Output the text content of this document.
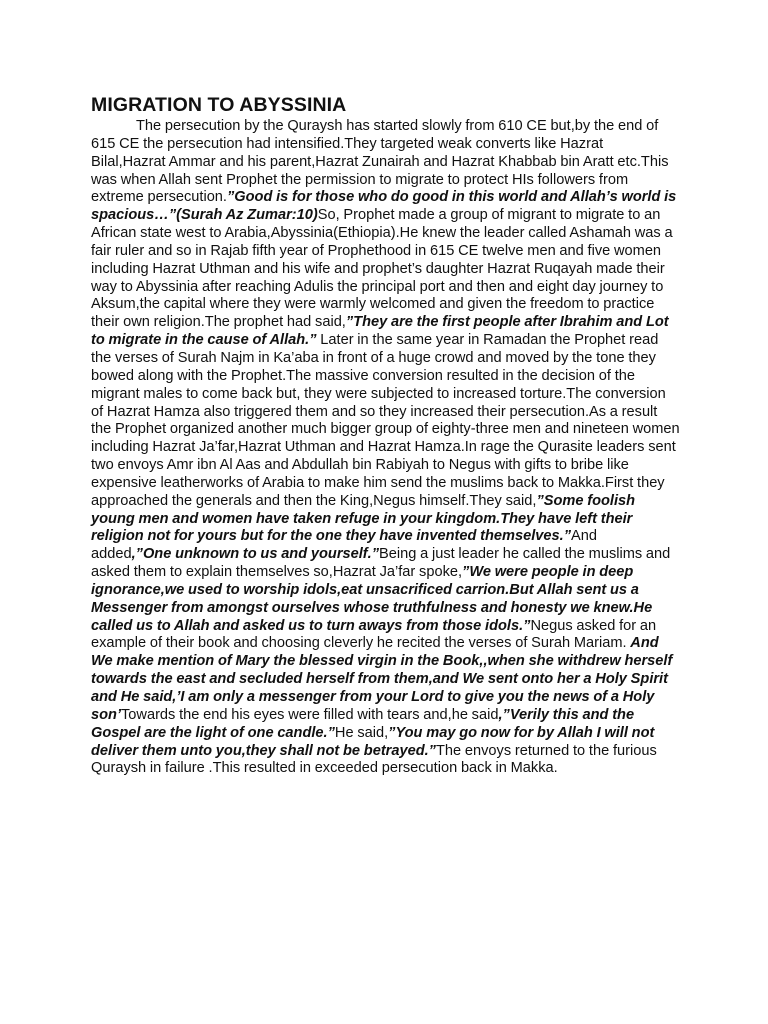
MIGRATION TO ABYSSINIA

The persecution by the Quraysh has started slowly from 610 CE but,by the end of 615 CE the persecution had intensified.They targeted weak converts like Hazrat Bilal,Hazrat Ammar and his parent,Hazrat Zunairah and Hazrat Khabbab bin Aratt etc.This was when Allah sent Prophet the permission to migrate to protect HIs followers from extreme persecution.”Good is for those who do good in this world and Allah’s world is spacious…”(Surah Az Zumar:10)So, Prophet made a group of migrant to migrate to an African state west to Arabia,Abyssinia(Ethiopia).He knew the leader called Ashamah was a fair ruler and so in Rajab fifth year of Prophethood in 615 CE twelve men and five women including Hazrat Uthman and his wife and prophet’s daughter Hazrat Ruqayah made their way to Abyssinia after reaching Adulis the principal port and then and eight day journey to Aksum,the capital where they were warmly welcomed and given the freedom to practice their own religion.The prophet had said,”They are the first people after Ibrahim and Lot to migrate in the cause of Allah.” Later in the same year in Ramadan the Prophet read the verses of Surah Najm in Ka’aba in front of a huge crowd and moved by the tone they bowed along with the Prophet.The massive conversion resulted in the decision of the migrant males to come back but, they were subjected to increased torture.The conversion of Hazrat Hamza also triggered them and so they increased their persecution.As a result the Prophet organized another much bigger group of eighty-three men and nineteen women including Hazrat Ja’far,Hazrat Uthman and Hazrat Hamza.In rage the Qurasite leaders sent two envoys Amr ibn Al Aas and Abdullah bin Rabiyah to Negus with gifts to bribe like expensive leatherworks of Arabia to make him send the muslims back to Makka.First they approached the generals and then the King,Negus himself.They said,”Some foolish young men and women have taken refuge in your kingdom.They have left their religion not for yours but for the one they have invented themselves.”And added,”One unknown to us and yourself.”Being a just leader he called the muslims and asked them to explain themselves so,Hazrat Ja’far spoke,”We were people in deep ignorance,we used to worship idols,eat unsacrificed carrion.But Allah sent us a Messenger from amongst ourselves whose truthfulness and honesty we knew.He called us to Allah and asked us to turn aways from those idols.”Negus asked for an example of their book and choosing cleverly he recited the verses of Surah Mariam. And We make mention of Mary the blessed virgin in the Book,,when she withdrew herself towards the east and secluded herself from them,and We sent onto her a Holy Spirit and He said,’I am only a messenger from your Lord to give you the news of a Holy son’Towards the end his eyes were filled with tears and,he said,”Verily this and the Gospel are the light of one candle.”He said,”You may go now for by Allah I will not deliver them unto you,they shall not be betrayed.”The envoys returned to the furious Quraysh in failure .This resulted in exceeded persecution back in Makka.
